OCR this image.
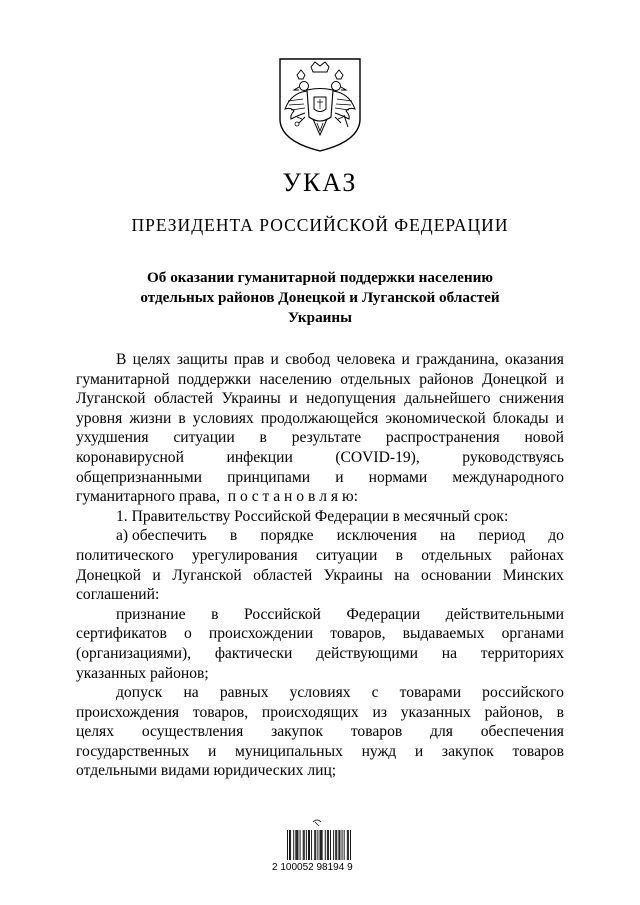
УКАЗ
ПРЕЗИДЕНТА РОССИЙСКОЙ ФЕДЕРАЦИИ
Об оказании гуманитарной поддержки населению
отдельных районов Донецкой и Луганской областей
Украины
В целях защиты прав и свобод человека и гражданина, оказания
гуманитарной поддержки населению отдельных районов Донецкой и
Луганской областей Украины и недопущения дальнейшего снижения
уровня жизни в условиях продолжающейся экономической блокады и
ухудшения ситуации в результате распространения новой
коронавирусной	инфекции	(COVID-19),	руководствуясь
общепризнанными принципами и нормами международного
гуманитарного права,  п о с т а н о в л я ю:
1. Правительству Российской Федерации в месячный срок:
а) обеспечить в порядке исключения на период до
политического урегулирования ситуации в отдельных районах
Донецкой и Луганской областей Украины на основании Минских
соглашений:
признание в Российской Федерации действительными
сертификатов о происхождении товаров, выдаваемых органами
(организациями), фактически действующими на территориях
указанных районов;
допуск на равных условиях с товарами российского
происхождения товаров, происходящих из указанных районов, в
целях осуществления закупок товаров для обеспечения
государственных и муниципальных нужд и закупок товаров
отдельными видами юридических лиц;
2 100052 98194 9
